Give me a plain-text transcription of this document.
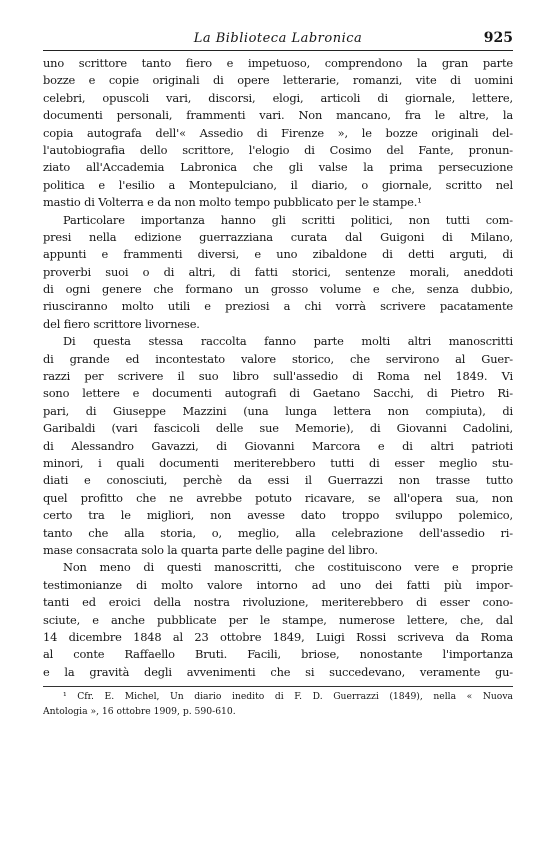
La Biblioteca Labronica	925
uno scrittore tanto fiero e impetuoso, comprendono la gran parte
bozze e copie originali di opere letterarie, romanzi, vite di uomini
celebri, opuscoli vari, discorsi, elogi, articoli di giornale, lettere,
documenti personali, frammenti vari. Non mancano, fra le altre, la
copia autografa dell'« Assedio di Firenze », le bozze originali del-
l'autobiografia dello scrittore, l'elogio di Cosimo del Fante, pronun-
ziato all'Accademia Labronica che gli valse la prima persecuzione
politica e l'esilio a Montepulciano, il diario, o giornale, scritto nel
mastio di Volterra e da non molto tempo pubblicato per le stampe.¹
Particolare importanza hanno gli scritti politici, non tutti com-
presi nella edizione guerrazziana curata dal Guigoni di Milano,
appunti e frammenti diversi, e uno zibaldone di detti arguti, di
proverbi suoi o di altri, di fatti storici, sentenze morali, aneddoti
di ogni genere che formano un grosso volume e che, senza dubbio,
riusciranno molto utili e preziosi a chi vorrà scrivere pacatamente
del fiero scrittore livornese.
Di questa stessa raccolta fanno parte molti altri manoscritti
di grande ed incontestato valore storico, che servirono al Guer-
razzi per scrivere il suo libro sull'assedio di Roma nel 1849. Vi
sono lettere e documenti autografi di Gaetano Sacchi, di Pietro Ri-
pari, di Giuseppe Mazzini (una lunga lettera non compiuta), di
Garibaldi (vari fascicoli delle sue Memorie), di Giovanni Cadolini,
di Alessandro Gavazzi, di Giovanni Marcora e di altri patrioti
minori, i quali documenti meriterebbero tutti di esser meglio stu-
diati e conosciuti, perchè da essi il Guerrazzi non trasse tutto
quel profitto che ne avrebbe potuto ricavare, se all'opera sua, non
certo tra le migliori, non avesse dato troppo sviluppo polemico,
tanto che alla storia, o, meglio, alla celebrazione dell'assedio ri-
mase consacrata solo la quarta parte delle pagine del libro.
Non meno di questi manoscritti, che costituiscono vere e proprie
testimonianze di molto valore intorno ad uno dei fatti più impor-
tanti ed eroici della nostra rivoluzione, meriterebbero di esser cono-
sciute, e anche pubblicate per le stampe, numerose lettere, che, dal
14 dicembre 1848 al 23 ottobre 1849, Luigi Rossi scriveva da Roma
al conte Raffaello Bruti. Facili, briose, nonostante l'importanza
e la gravità degli avvenimenti che si succedevano, veramente gu-
¹ Cfr. E. Michel, Un diario inedito di F. D. Guerrazzi (1849), nella « Nuova
Antologia », 16 ottobre 1909, p. 590-610.
